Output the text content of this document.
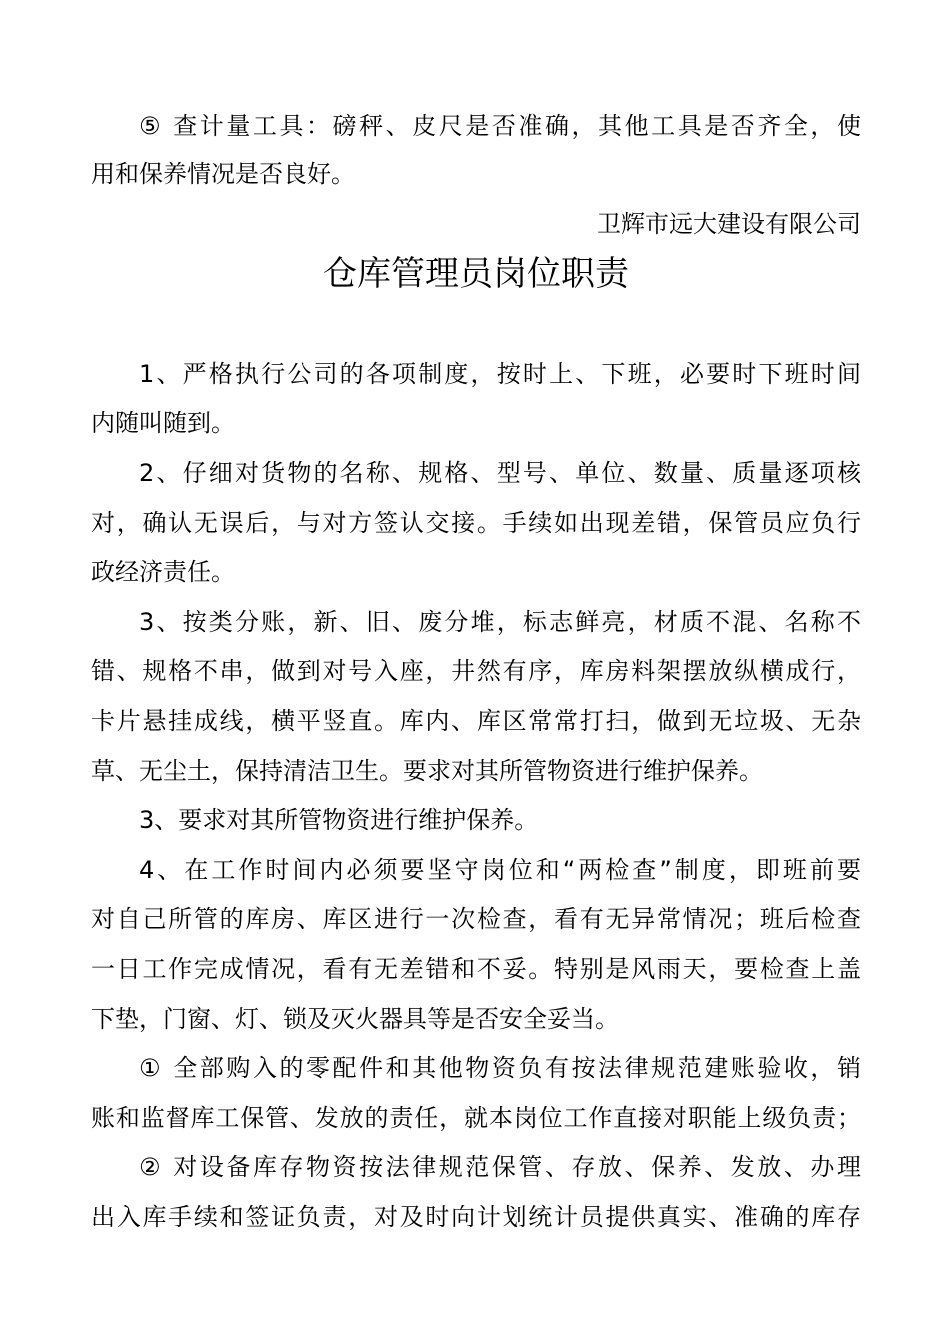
⑤ 查计量工具：磅秤、皮尺是否准确，其他工具是否齐全，使
用和保养情况是否良好。
卫辉市远大建设有限公司
仓库管理员岗位职责
1、严格执行公司的各项制度，按时上、下班，必要时下班时间
内随叫随到。
2、仔细对货物的名称、规格、型号、单位、数量、质量逐项核
对，确认无误后，与对方签认交接。手续如出现差错，保管员应负行
政经济责任。
3、按类分账，新、旧、废分堆，标志鲜亮，材质不混、名称不
错、规格不串，做到对号入座，井然有序，库房料架摆放纵横成行，
卡片悬挂成线，横平竖直。库内、库区常常打扫，做到无垃圾、无杂
草、无尘土，保持清洁卫生。要求对其所管物资进行维护保养。
3、要求对其所管物资进行维护保养。
4、在工作时间内必须要坚守岗位和“两检查”制度，即班前要
对自己所管的库房、库区进行一次检查，看有无异常情况；班后检查
一日工作完成情况，看有无差错和不妥。特别是风雨天，要检查上盖
下垫，门窗、灯、锁及灭火器具等是否安全妥当。
① 全部购入的零配件和其他物资负有按法律规范建账验收，销
账和监督库工保管、发放的责任，就本岗位工作直接对职能上级负责；
② 对设备库存物资按法律规范保管、存放、保养、发放、办理
出入库手续和签证负责，对及时向计划统计员提供真实、准确的库存
